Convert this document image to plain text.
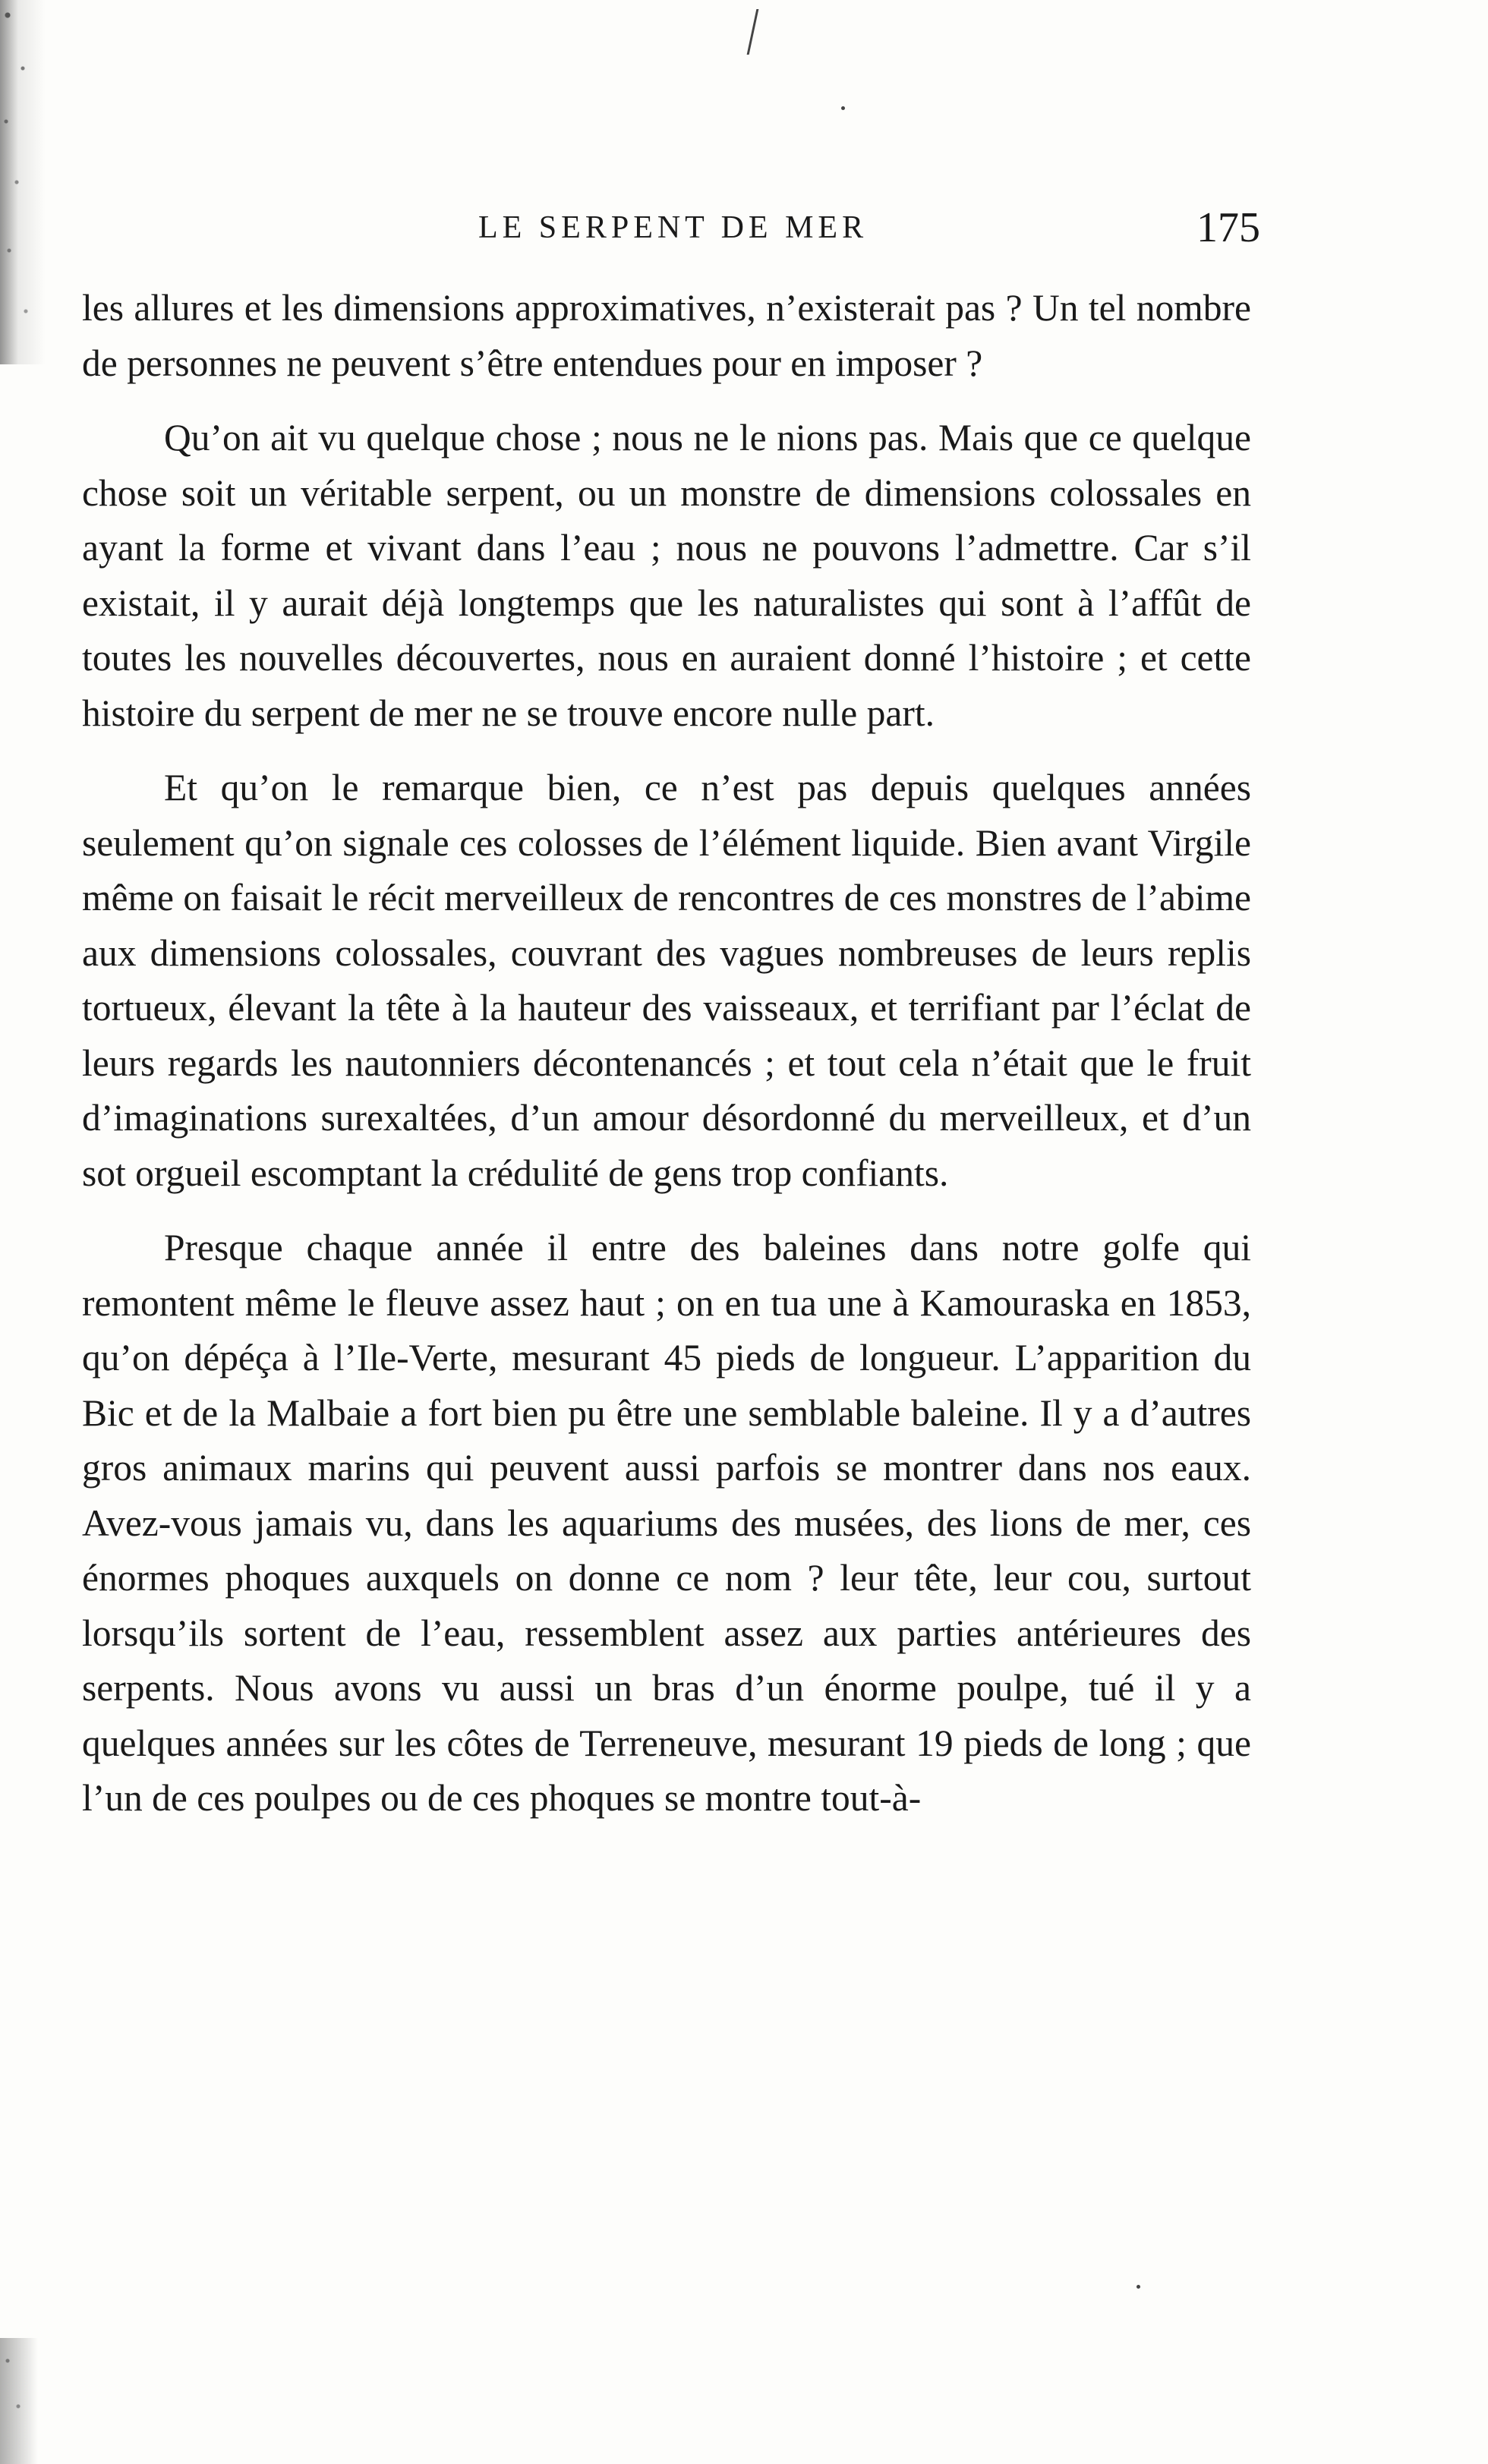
LE SERPENT DE MER	175

les allures et les dimensions approximatives, n’existerait pas ? Un tel nombre de personnes ne peuvent s’être entendues pour en imposer ?

Qu’on ait vu quelque chose ; nous ne le nions pas. Mais que ce quelque chose soit un véritable serpent, ou un monstre de dimensions colossales en ayant la forme et vivant dans l’eau ; nous ne pouvons l’admettre. Car s’il existait, il y aurait déjà longtemps que les naturalistes qui sont à l’affût de toutes les nouvelles découvertes, nous en auraient donné l’histoire ; et cette histoire du serpent de mer ne se trouve encore nulle part.

Et qu’on le remarque bien, ce n’est pas depuis quelques années seulement qu’on signale ces colosses de l’élément liquide. Bien avant Virgile même on faisait le récit merveilleux de rencontres de ces monstres de l’abime aux dimensions colossales, couvrant des vagues nombreuses de leurs replis tortueux, élevant la tête à la hauteur des vaisseaux, et terrifiant par l’éclat de leurs regards les nautonniers décontenancés ; et tout cela n’était que le fruit d’imaginations surexaltées, d’un amour désordonné du merveilleux, et d’un sot orgueil escomptant la crédulité de gens trop confiants.

Presque chaque année il entre des baleines dans notre golfe qui remontent même le fleuve assez haut ; on en tua une à Kamouraska en 1853, qu’on dépéça à l’Ile-Verte, mesurant 45 pieds de longueur. L’apparition du Bic et de la Malbaie a fort bien pu être une semblable baleine. Il y a d’autres gros animaux marins qui peuvent aussi parfois se montrer dans nos eaux. Avez-vous jamais vu, dans les aquariums des musées, des lions de mer, ces énormes phoques auxquels on donne ce nom ? leur tête, leur cou, surtout lorsqu’ils sortent de l’eau, ressemblent assez aux parties antérieures des serpents. Nous avons vu aussi un bras d’un énorme poulpe, tué il y a quelques années sur les côtes de Terreneuve, mesurant 19 pieds de long ; que l’un de ces poulpes ou de ces phoques se montre tout-à-
